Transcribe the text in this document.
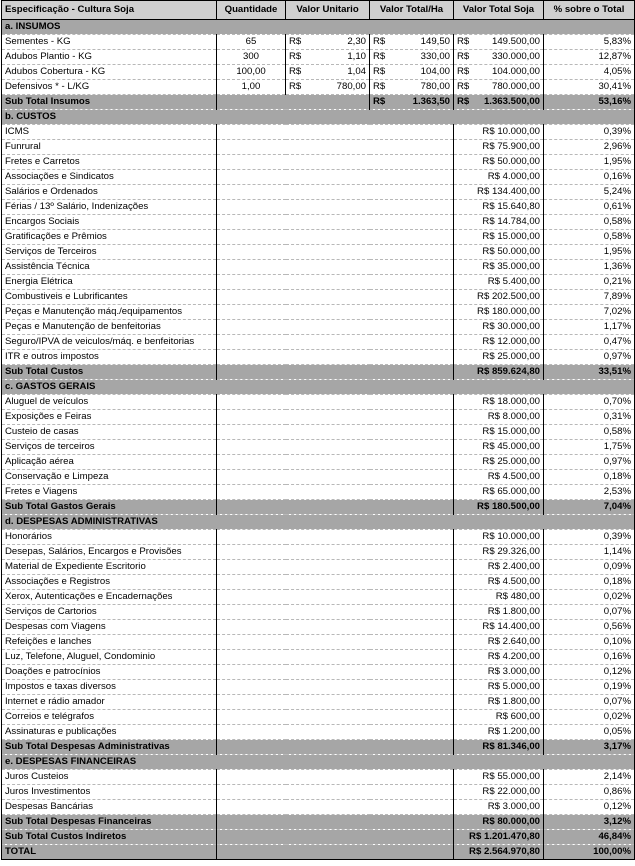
Especificação - Cultura Soja	Quantidade	Valor Unitario	Valor Total/Ha	Valor Total Soja	% sobre o Total
a. INSUMOS					
Sementes - KG	65	R$ 2,30	R$ 149,50	R$ 149.500,00	5,83%
Adubos Plantio - KG	300	R$ 1,10	R$ 330,00	R$ 330.000,00	12,87%
Adubos Cobertura - KG	100,00	R$ 1,04	R$ 104,00	R$ 104.000,00	4,05%
Defensivos * - L/KG	1,00	R$ 780,00	R$ 780,00	R$ 780.000,00	30,41%
Sub Total Insumos			R$ 1.363,50	R$ 1.363.500,00	53,16%
b. CUSTOS					
ICMS				R$ 10.000,00	0,39%
Funrural				R$ 75.900,00	2,96%
Fretes e Carretos				R$ 50.000,00	1,95%
Associações e Sindicatos				R$ 4.000,00	0,16%
Salários e Ordenados				R$ 134.400,00	5,24%
Férias / 13º Salário, Indenizações				R$ 15.640,80	0,61%
Encargos Sociais				R$ 14.784,00	0,58%
Gratificações e Prêmios				R$ 15.000,00	0,58%
Serviços de Terceiros				R$ 50.000,00	1,95%
Assistência Técnica				R$ 35.000,00	1,36%
Energia Elétrica				R$ 5.400,00	0,21%
Combustiveis e Lubrificantes				R$ 202.500,00	7,89%
Peças e Manutenção máq./equipamentos				R$ 180.000,00	7,02%
Peças e Manutenção de benfeitorias				R$ 30.000,00	1,17%
Seguro/IPVA de veiculos/máq. e benfeitorias				R$ 12.000,00	0,47%
ITR e outros impostos				R$ 25.000,00	0,97%
Sub Total Custos				R$ 859.624,80	33,51%
c. GASTOS GERAIS					
Aluguel de veículos				R$ 18.000,00	0,70%
Exposições e Feiras				R$ 8.000,00	0,31%
Custeio de casas				R$ 15.000,00	0,58%
Serviços de terceiros				R$ 45.000,00	1,75%
Aplicação aérea				R$ 25.000,00	0,97%
Conservação e Limpeza				R$ 4.500,00	0,18%
Fretes e Viagens				R$ 65.000,00	2,53%
Sub Total Gastos Gerais				R$ 180.500,00	7,04%
d. DESPESAS ADMINISTRATIVAS					
Honorários				R$ 10.000,00	0,39%
Desepas, Salários, Encargos e Provisões				R$ 29.326,00	1,14%
Material de Expediente Escritorio				R$ 2.400,00	0,09%
Associações e Registros				R$ 4.500,00	0,18%
Xerox, Autenticações e Encadernações				R$ 480,00	0,02%
Serviços de Cartorios				R$ 1.800,00	0,07%
Despesas com Viagens				R$ 14.400,00	0,56%
Refeições e lanches				R$ 2.640,00	0,10%
Luz, Telefone, Aluguel, Condominio				R$ 4.200,00	0,16%
Doações e patrocínios				R$ 3.000,00	0,12%
Impostos e taxas diversos				R$ 5.000,00	0,19%
Internet e rádio amador				R$ 1.800,00	0,07%
Correios e telégrafos				R$ 600,00	0,02%
Assinaturas e publicações				R$ 1.200,00	0,05%
Sub Total Despesas Administrativas				R$ 81.346,00	3,17%
e. DESPESAS FINANCEIRAS					
Juros Custeios				R$ 55.000,00	2,14%
Juros Investimentos				R$ 22.000,00	0,86%
Despesas Bancárias				R$ 3.000,00	0,12%
Sub Total Despesas Financeiras				R$ 80.000,00	3,12%
Sub Total Custos Indiretos				R$ 1.201.470,80	46,84%
TOTAL				R$ 2.564.970,80	100,00%
